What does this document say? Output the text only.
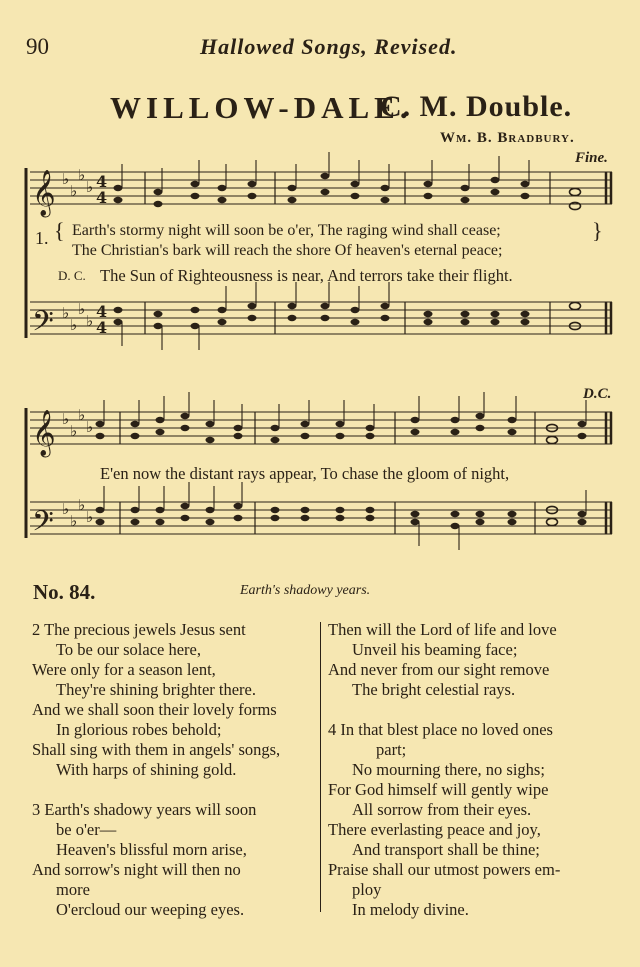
90	Hallowed Songs, Revised.
WILLOW-DALE.
C. M. Double.
Wm. B. Bradbury.
Fine.
D.C.
𝄞
𝄢
𝄞
𝄢
♭
♭
♭
♭
♭
♭
♭
♭
♭
♭
♭
♭
♭
♭
♭
♭
4
4
4
4
1. { Earth's stormy night will soon be o'er, The raging wind shall cease;
The Christian's bark will reach the shore Of heaven's eternal peace;
}
D. C. The Sun of Righteousness is near, And terrors take their flight.
E'en now the distant rays appear, To chase the gloom of night,
No. 84.	Earth's shadowy years.
2 The precious jewels Jesus sent
To be our solace here,
Were only for a season lent,
They're shining brighter there.
And we shall soon their lovely forms
In glorious robes behold;
Shall sing with them in angels' songs,
With harps of shining gold.
3 Earth's shadowy years will soon
be o'er—
Heaven's blissful morn arise,
And sorrow's night will then no
more
O'ercloud our weeping eyes.
Then will the Lord of life and love
Unveil his beaming face;
And never from our sight remove
The bright celestial rays.
4 In that blest place no loved ones
part;
No mourning there, no sighs;
For God himself will gently wipe
All sorrow from their eyes.
There everlasting peace and joy,
And transport shall be thine;
Praise shall our utmost powers em-
ploy
In melody divine.
